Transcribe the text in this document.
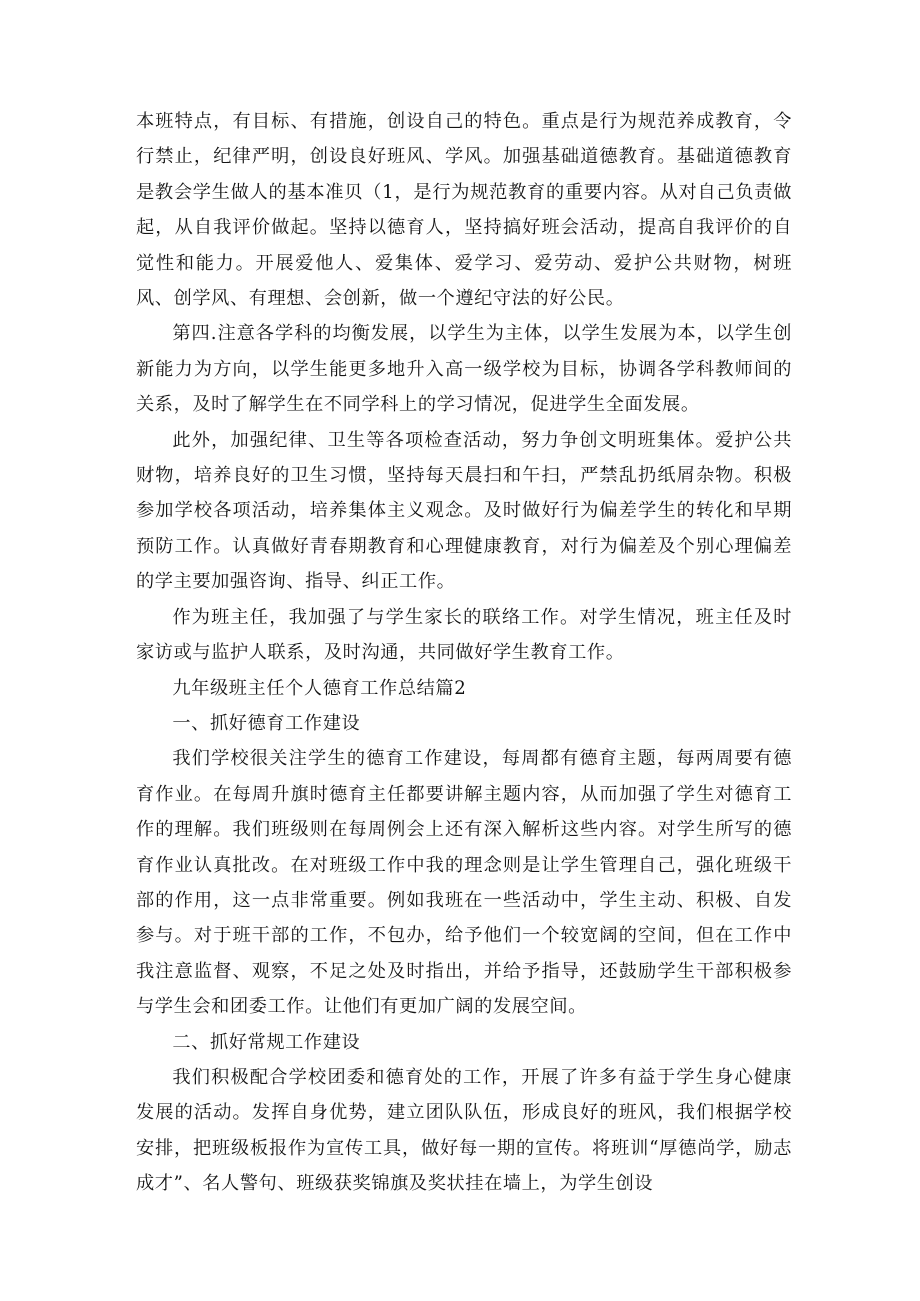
本班特点，有目标、有措施，创设自己的特色。重点是行为规范养成教育，令行禁止，纪律严明，创设良好班风、学风。加强基础道德教育。基础道德教育是教会学生做人的基本准贝（1，是行为规范教育的重要内容。从对自己负责做起，从自我评价做起。坚持以德育人，坚持搞好班会活动，提高自我评价的自觉性和能力。开展爱他人、爱集体、爱学习、爱劳动、爱护公共财物，树班风、创学风、有理想、会创新，做一个遵纪守法的好公民。

第四.注意各学科的均衡发展，以学生为主体，以学生发展为本，以学生创新能力为方向，以学生能更多地升入高一级学校为目标，协调各学科教师间的关系，及时了解学生在不同学科上的学习情况，促进学生全面发展。

此外，加强纪律、卫生等各项检查活动，努力争创文明班集体。爱护公共财物，培养良好的卫生习惯，坚持每天晨扫和午扫，严禁乱扔纸屑杂物。积极参加学校各项活动，培养集体主义观念。及时做好行为偏差学生的转化和早期预防工作。认真做好青春期教育和心理健康教育，对行为偏差及个别心理偏差的学主要加强咨询、指导、纠正工作。

作为班主任，我加强了与学生家长的联络工作。对学生情况，班主任及时家访或与监护人联系，及时沟通，共同做好学生教育工作。

九年级班主任个人德育工作总结篇2

一、抓好德育工作建设

我们学校很关注学生的德育工作建设，每周都有德育主题，每两周要有德育作业。在每周升旗时德育主任都要讲解主题内容，从而加强了学生对德育工作的理解。我们班级则在每周例会上还有深入解析这些内容。对学生所写的德育作业认真批改。在对班级工作中我的理念则是让学生管理自己，强化班级干部的作用，这一点非常重要。例如我班在一些活动中，学生主动、积极、自发参与。对于班干部的工作，不包办，给予他们一个较宽阔的空间，但在工作中我注意监督、观察，不足之处及时指出，并给予指导，还鼓励学生干部积极参与学生会和团委工作。让他们有更加广阔的发展空间。

二、抓好常规工作建设

我们积极配合学校团委和德育处的工作，开展了许多有益于学生身心健康发展的活动。发挥自身优势，建立团队队伍，形成良好的班风，我们根据学校安排，把班级板报作为宣传工具，做好每一期的宣传。将班训“厚德尚学，励志成才”、名人警句、班级获奖锦旗及奖状挂在墙上，为学生创设
